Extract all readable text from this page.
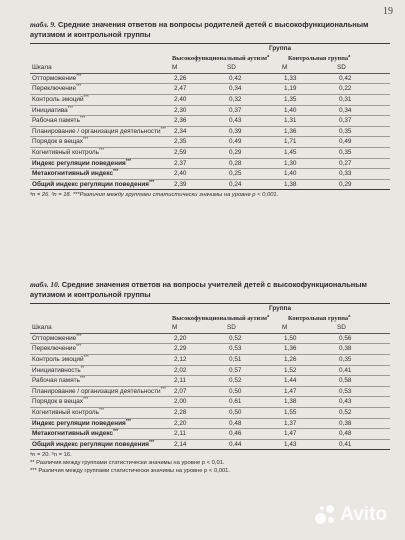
19
табл. 9. Средние значения ответов на вопросы родителей детей с высокофункциональным аутизмом и контрольной группы
	Группа			
	Высокофункциональный аутизм$^a$		Контрольная группа$^a$
Шкала	М	SD	М	SD
Отторможение***	2,26	0,42	1,33	0,42
Переключение***	2,47	0,34	1,19	0,22
Контроль эмоций***	2,40	0,32	1,35	0,31
Инициатива***	2,30	0,37	1,40	0,34
Рабочая память***	2,36	0,43	1,31	0,37
Планирование / организация деятельности***	2,34	0,39	1,36	0,35
Порядок в вещах***	2,35	0,49	1,71	0,49
Когнитивный контроль***	2,59	0,29	1,45	0,35
Индекс регуляции поведения***	2,37	0,28	1,30	0,27
Метакогнитивный индекс***	2,40	0,25	1,40	0,33
Общий индекс регуляции поведения***	2,39	0,24	1,38	0,29
ᵃn = 26. ᵇn = 18. ***Различия между группами статистически значимы на уровне p < 0,001.
табл. 10. Средние значения ответов на вопросы учителей детей с высокофункциональным аутизмом и контрольной группы
	Группа			
	Высокофункциональный аутизм$^a$		Контрольная группа$^a$
Шкала	М	SD	М	SD
Отторможение***	2,20	0,52	1,50	0,56
Переключение***	2,29	0,53	1,36	0,38
Контроль эмоций***	2,12	0,51	1,26	0,35
Инициативность**	2,02	0,57	1,52	0,41
Рабочая память***	2,11	0,52	1,44	0,58
Планирование / организация деятельности***	2,07	0,50	1,47	0,53
Порядок в вещах***	2,00	0,61	1,38	0,43
Когнитивный контроль***	2,28	0,50	1,55	0,52
Индекс регуляции поведения***	2,20	0,48	1,37	0,38
Метакогнитивный индекс***	2,11	0,46	1,47	0,48
Общий индекс регуляции поведения***	2,14	0,44	1,43	0,41
ᵃn = 20. ᵇn = 16.
** Различия между группами статистически значимы на уровне p < 0,01.
*** Различия между группами статистически значимы на уровне p < 0,001.
Avito
